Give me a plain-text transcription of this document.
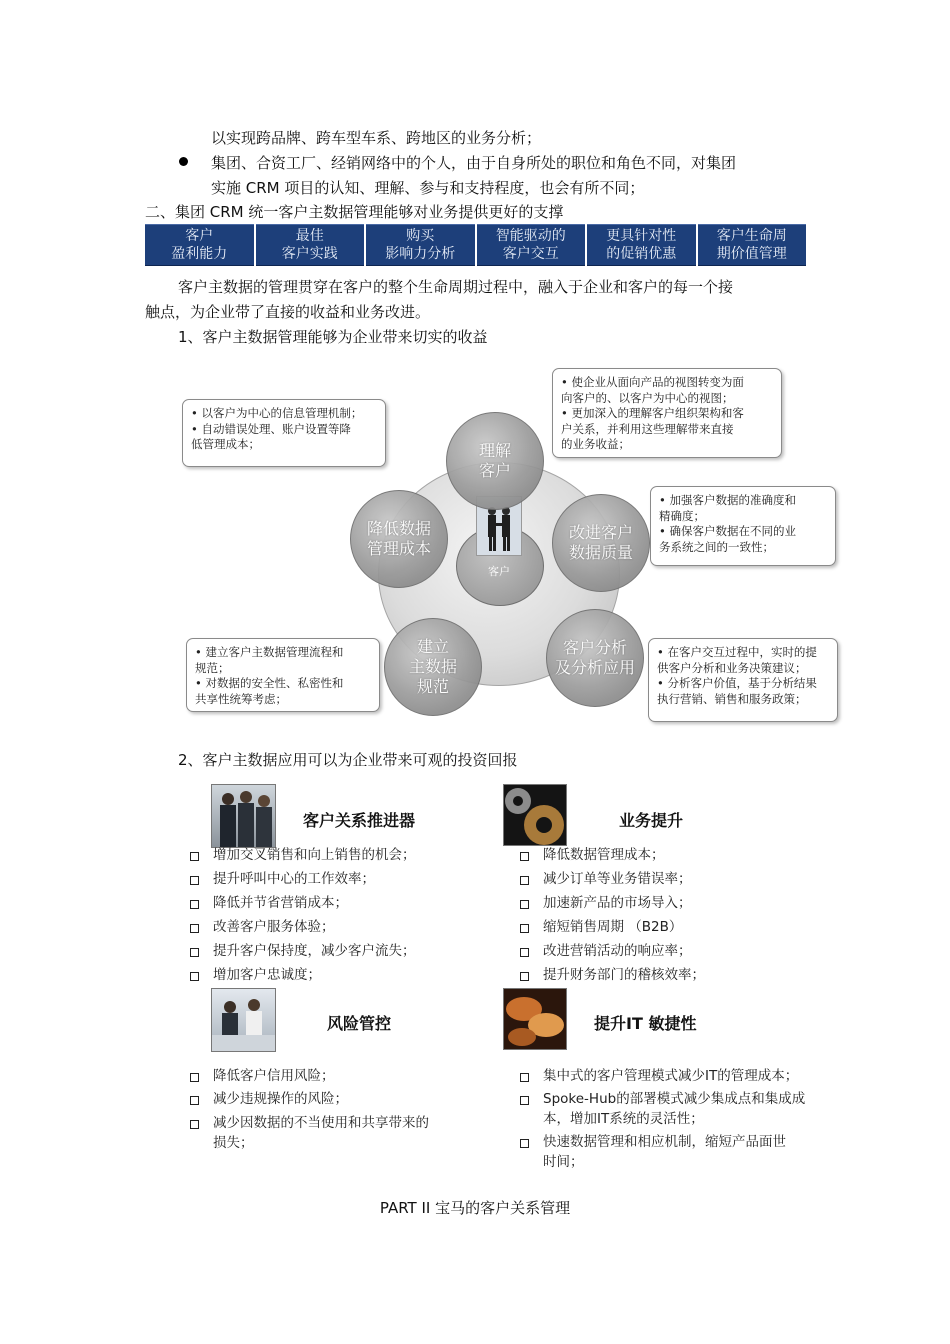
以实现跨品牌、跨车型车系、跨地区的业务分析；
集团、合资工厂、经销网络中的个人，由于自身所处的职位和角色不同，对集团
实施 CRM 项目的认知、理解、参与和支持程度，也会有所不同；
二、集团 CRM 统一客户主数据管理能够对业务提供更好的支撑
客户
盈利能力
最佳
客户实践
购买
影响力分析
智能驱动的
客户交互
更具针对性
的促销优惠
客户生命周
期价值管理
客户主数据的管理贯穿在客户的整个生命周期过程中，融入于企业和客户的每一个接
触点，为企业带了直接的收益和业务改进。
1、客户主数据管理能够为企业带来切实的收益
客户
理解
客户
改进客户
数据质量
客户分析
及分析应用
建立
主数据
规范
降低数据
管理成本
• 以客户为中心的信息管理机制；
• 自动错误处理、账户设置等降
低管理成本；
• 使企业从面向产品的视图转变为面
向客户的、以客户为中心的视图；
• 更加深入的理解客户组织架构和客
户关系，并利用这些理解带来直接
的业务收益；
• 加强客户数据的准确度和
精确度；
• 确保客户数据在不同的业
务系统之间的一致性；
• 建立客户主数据管理流程和
规范；
• 对数据的安全性、私密性和
共享性统筹考虑；
• 在客户交互过程中，实时的提
供客户分析和业务决策建议；
• 分析客户价值，基于分析结果
执行营销、销售和服务政策；
2、客户主数据应用可以为企业带来可观的投资回报
客户关系推进器
增加交叉销售和向上销售的机会；
提升呼叫中心的工作效率；
降低并节省营销成本；
改善客户服务体验；
提升客户保持度，减少客户流失；
增加客户忠诚度；
业务提升
降低数据管理成本；
减少订单等业务错误率；
加速新产品的市场导入；
缩短销售周期 （B2B）
改进营销活动的响应率；
提升财务部门的稽核效率；
风险管控
降低客户信用风险；
减少违规操作的风险；
减少因数据的不当使用和共享带来的
损失；
提升IT 敏捷性
集中式的客户管理模式减少IT的管理成本；
Spoke-Hub的部署模式减少集成点和集成成
本，增加IT系统的灵活性；
快速数据管理和相应机制，缩短产品面世
时间；
PART II 宝马的客户关系管理
